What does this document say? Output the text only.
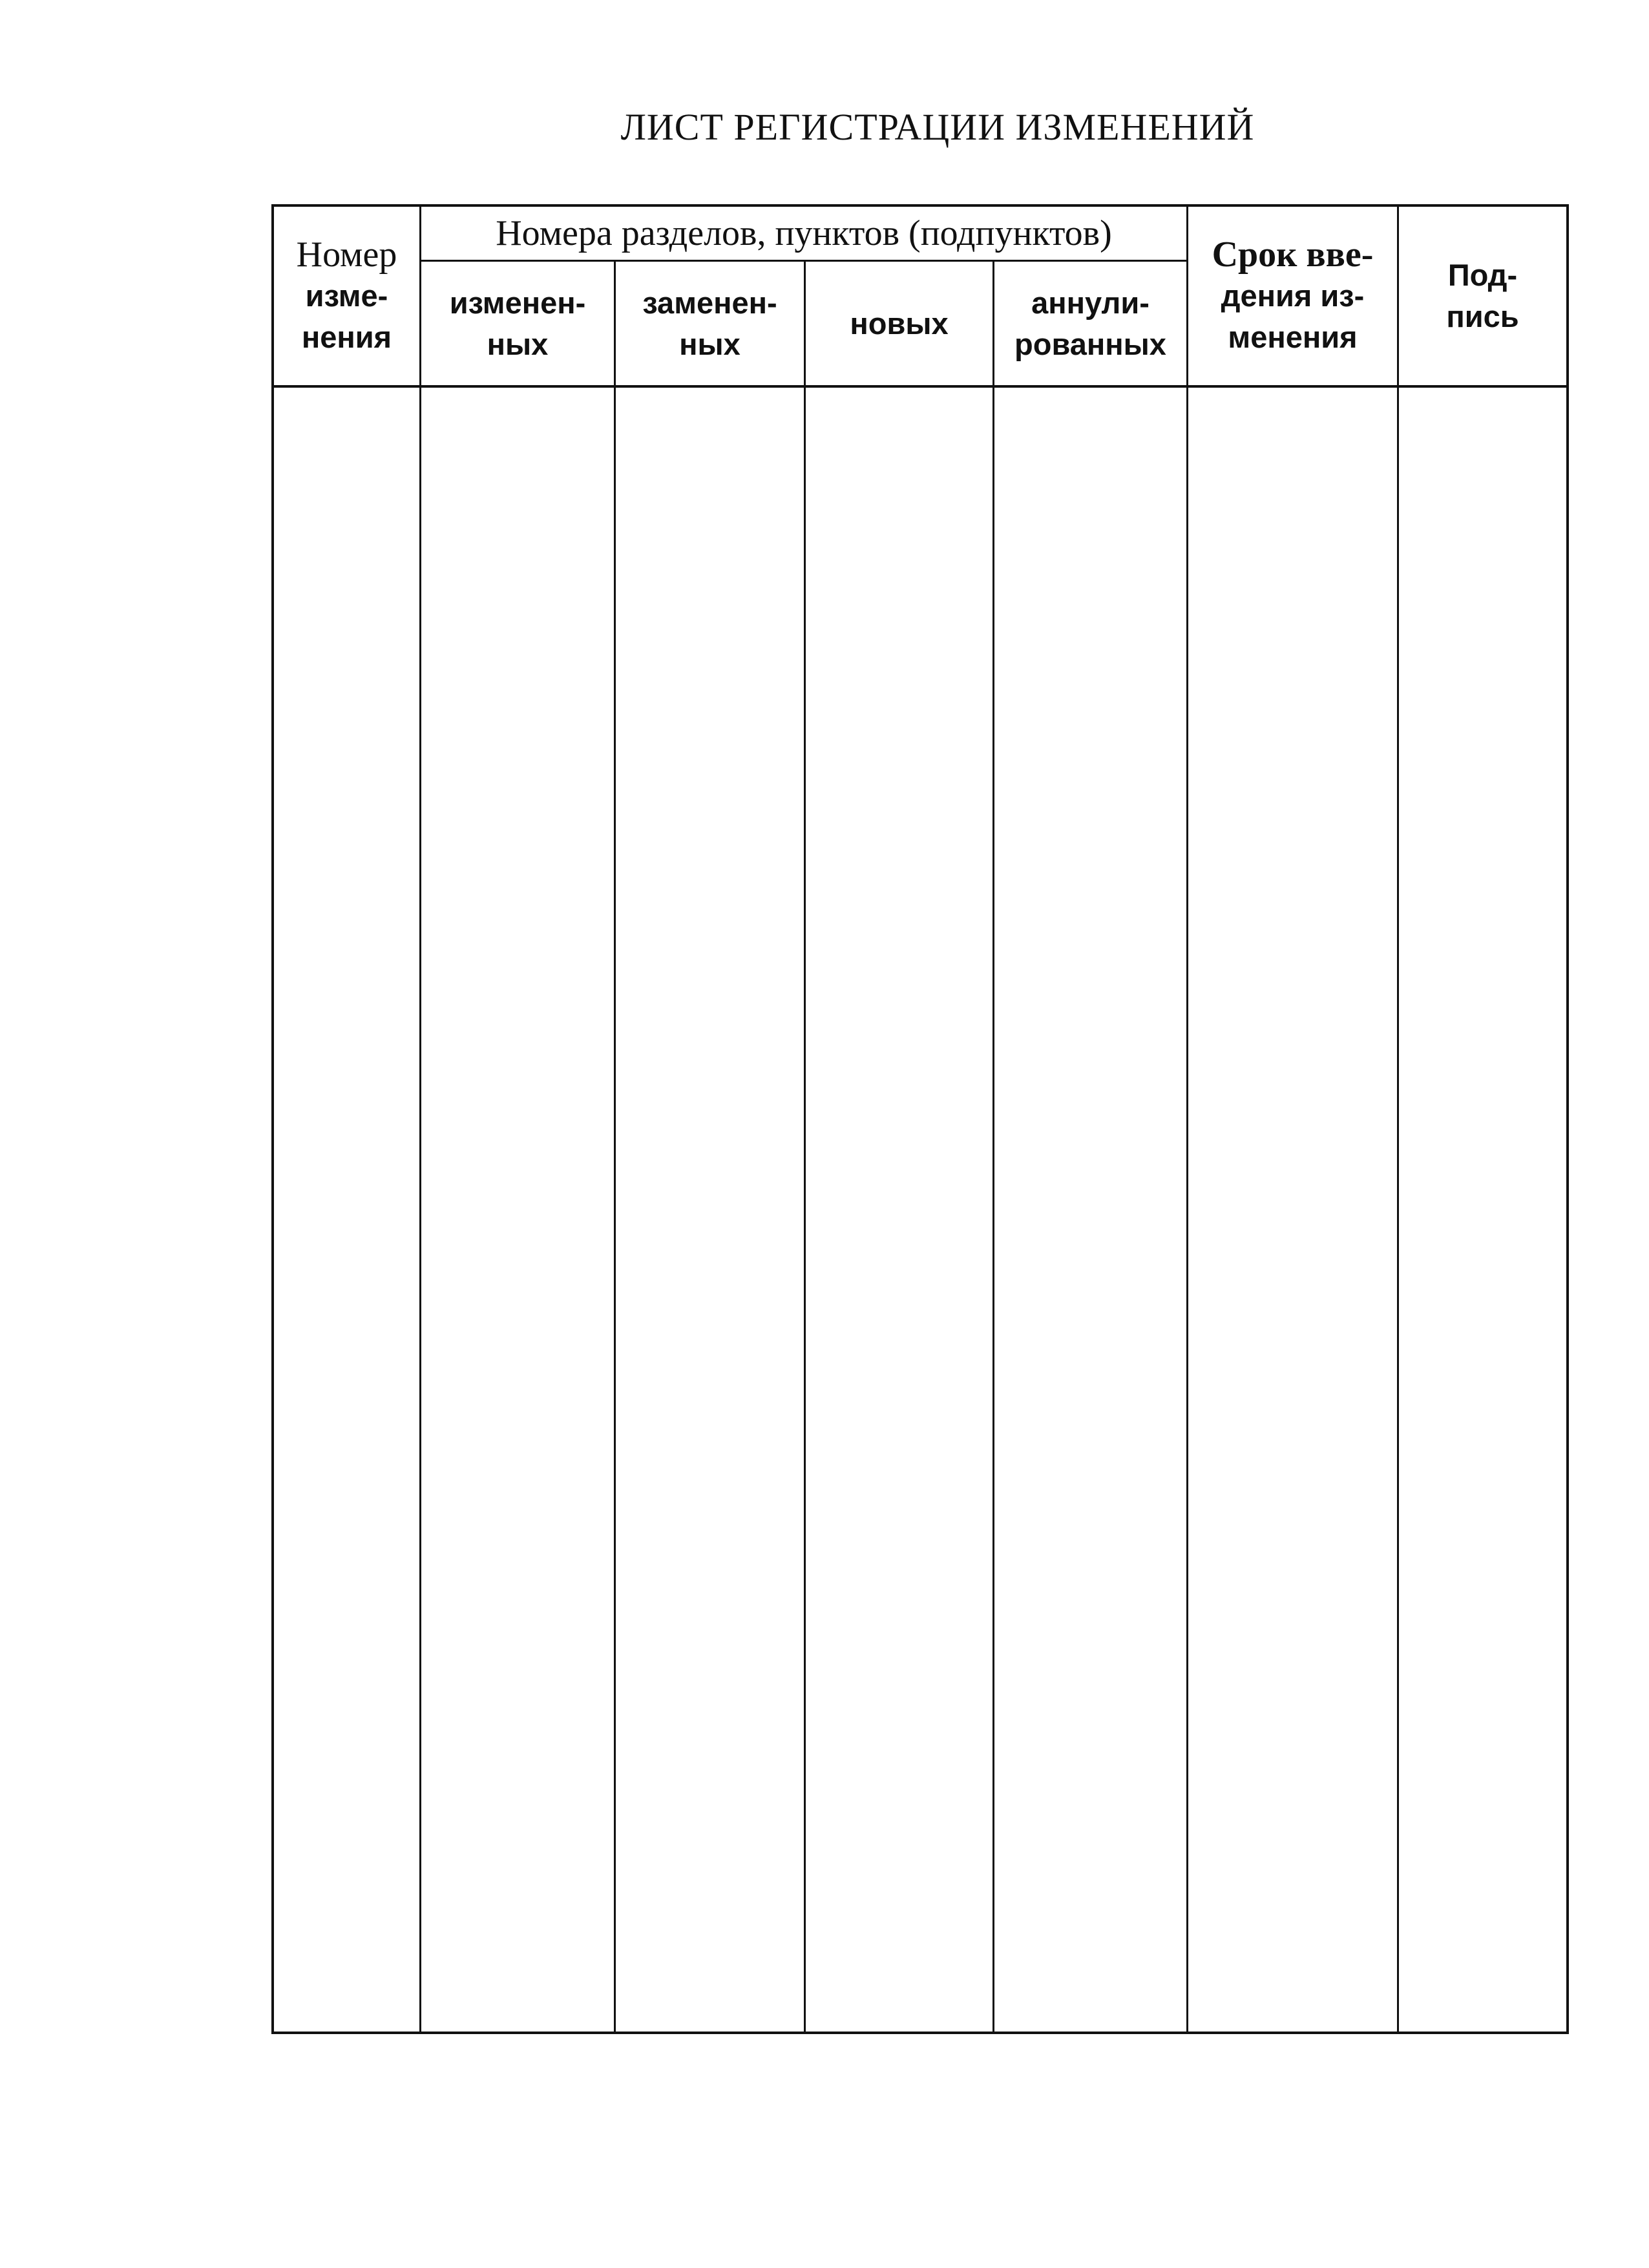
ЛИСТ РЕГИСТРАЦИИ ИЗМЕНЕНИЙ
Номер
изме-
нения
Номера разделов, пунктов (подпунктов)
изменен-
ных
заменен-
ных
новых
аннули-
рованных
Срок вве-
дения из-
менения
Под-
пись
